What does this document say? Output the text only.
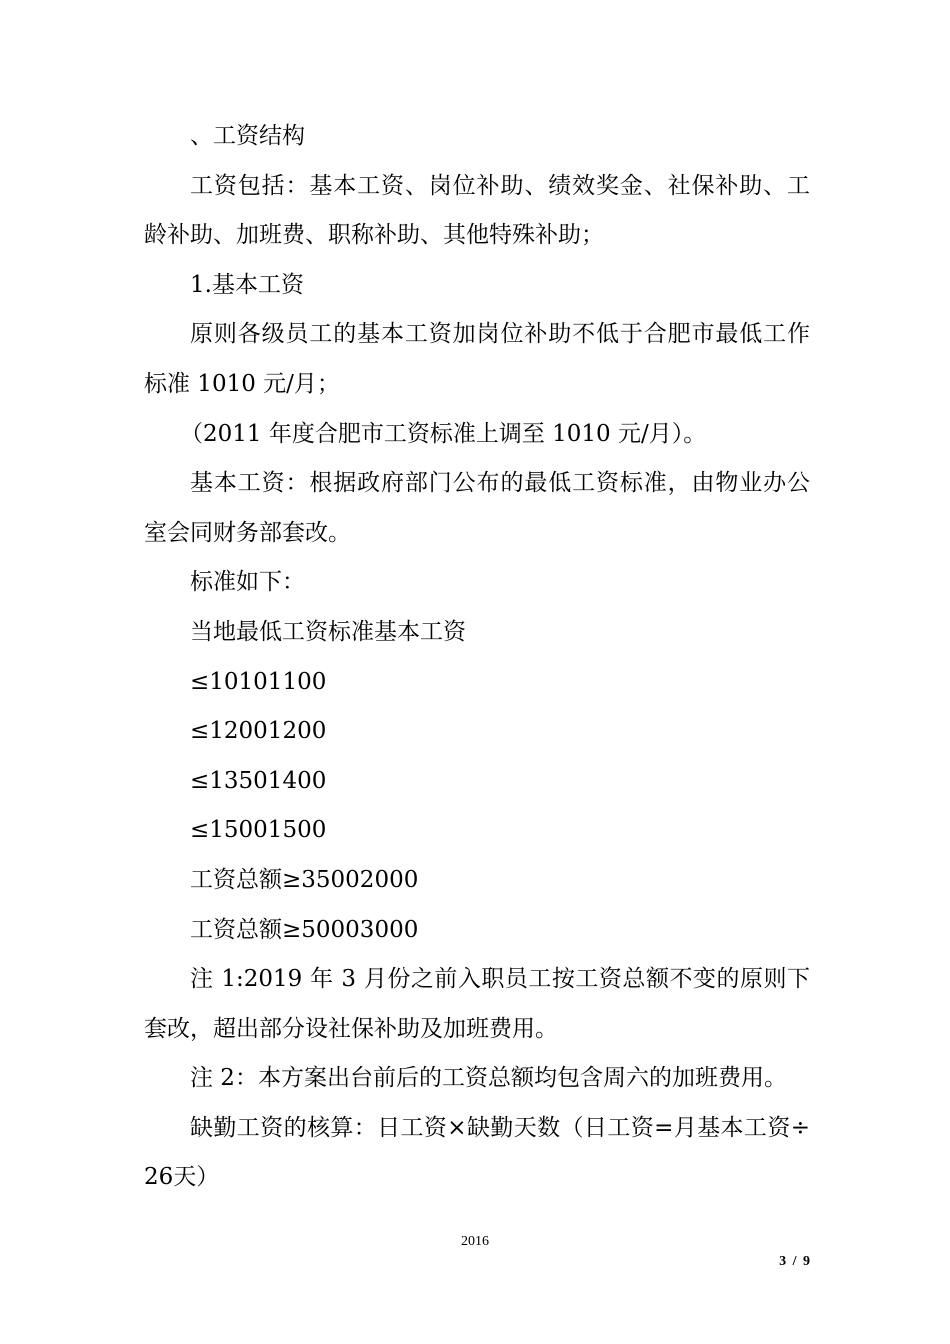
、工资结构

工资包括：基本工资、岗位补助、绩效奖金、社保补助、工龄补助、加班费、职称补助、其他特殊补助；

1.基本工资

原则各级员工的基本工资加岗位补助不低于合肥市最低工作标准 1010 元/月；

（2011 年度合肥市工资标准上调至 1010 元/月）。

基本工资：根据政府部门公布的最低工资标准，由物业办公室会同财务部套改。

标准如下：

当地最低工资标准基本工资

≤10101100

≤12001200

≤13501400

≤15001500

工资总额≥35002000

工资总额≥50003000

注 1:2019 年 3 月份之前入职员工按工资总额不变的原则下套改，超出部分设社保补助及加班费用。

注 2：本方案出台前后的工资总额均包含周六的加班费用。

缺勤工资的核算：日工资×缺勤天数（日工资=月基本工资÷26天）

2016
3 / 9
